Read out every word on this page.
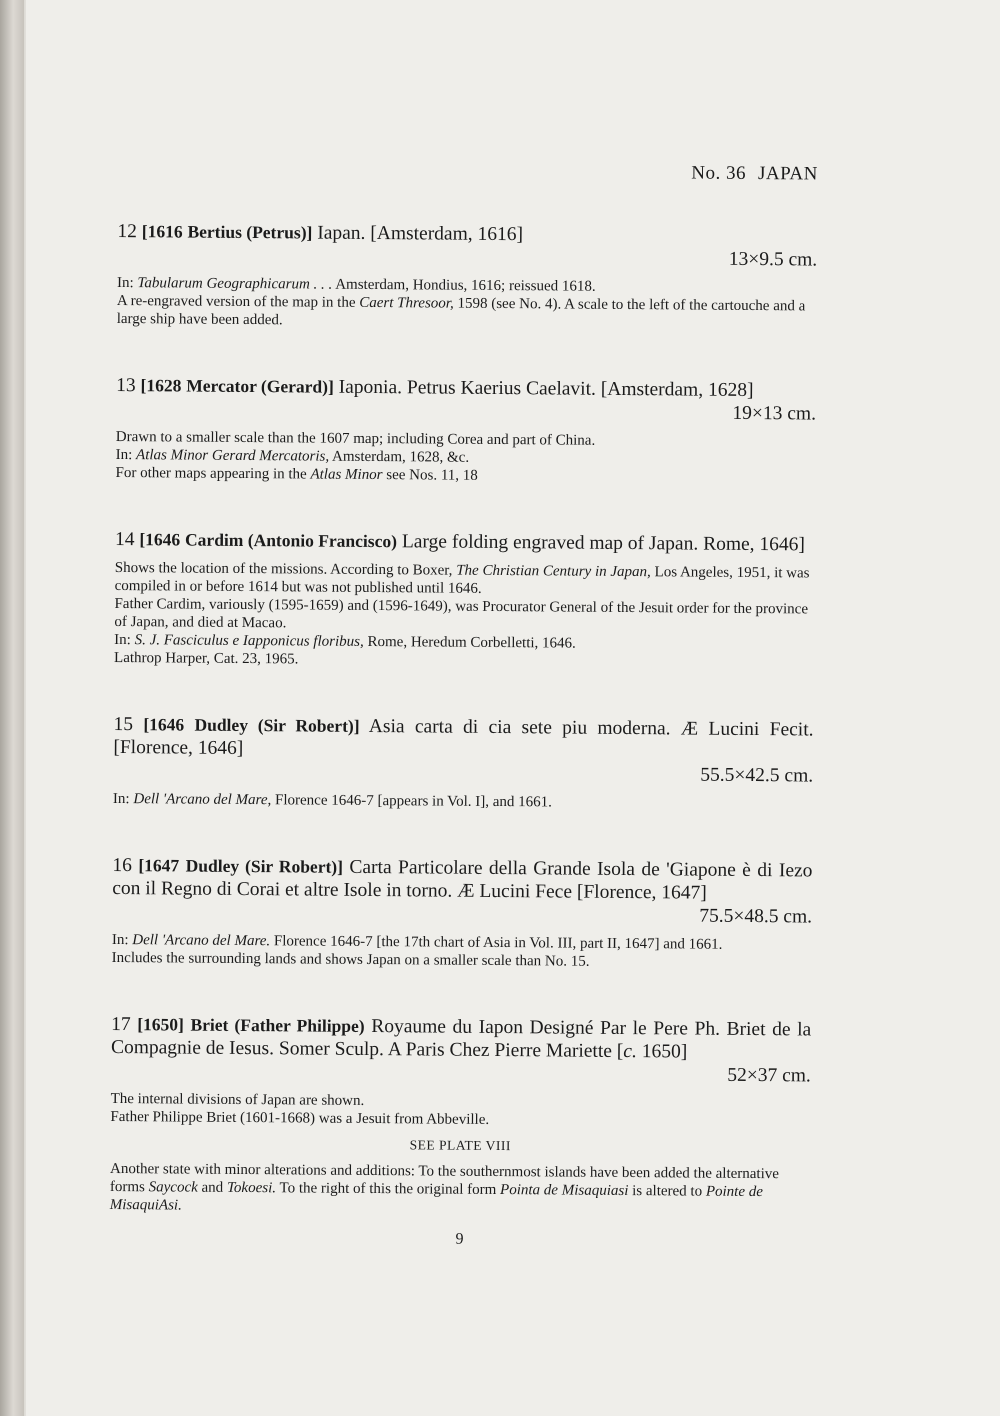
No. 36 JAPAN
12 [1616 Bertius (Petrus)] Iapan. [Amsterdam, 1616]
13×9.5 cm.

In: Tabularum Geographicarum . . . Amsterdam, Hondius, 1616; reissued 1618.

A re-engraved version of the map in the Caert Thresoor, 1598 (see No. 4). A scale to the left of the cartouche and a large ship have been added.

13 [1628 Mercator (Gerard)] Iaponia. Petrus Kaerius Caelavit. [Amsterdam, 1628]
19×13 cm.

Drawn to a smaller scale than the 1607 map; including Corea and part of China.

In: Atlas Minor Gerard Mercatoris, Amsterdam, 1628, &c.

For other maps appearing in the Atlas Minor see Nos. 11, 18

14 [1646 Cardim (Antonio Francisco) Large folding engraved map of Japan. Rome, 1646]

Shows the location of the missions. According to Boxer, The Christian Century in Japan, Los Angeles, 1951, it was compiled in or before 1614 but was not published until 1646.

Father Cardim, variously (1595-1659) and (1596-1649), was Procurator General of the Jesuit order for the province of Japan, and died at Macao.

In: S. J. Fasciculus e Iapponicus floribus, Rome, Heredum Corbelletti, 1646.

Lathrop Harper, Cat. 23, 1965.

15 [1646 Dudley (Sir Robert)] Asia carta di cia sete piu moderna. Æ Lucini Fecit. [Florence, 1646]
55.5×42.5 cm.

In: Dell 'Arcano del Mare, Florence 1646-7 [appears in Vol. I], and 1661.

16 [1647 Dudley (Sir Robert)] Carta Particolare della Grande Isola de 'Giapone è di Iezo con il Regno di Corai et altre Isole in torno. Æ Lucini Fece [Florence, 1647]
75.5×48.5 cm.

In: Dell 'Arcano del Mare. Florence 1646-7 [the 17th chart of Asia in Vol. III, part II, 1647] and 1661.

Includes the surrounding lands and shows Japan on a smaller scale than No. 15.

17 [1650] Briet (Father Philippe) Royaume du Iapon Designé Par le Pere Ph. Briet de la Compagnie de Iesus. Somer Sculp. A Paris Chez Pierre Mariette [c. 1650]
52×37 cm.

The internal divisions of Japan are shown.

Father Philippe Briet (1601-1668) was a Jesuit from Abbeville.

SEE PLATE VIII

Another state with minor alterations and additions: To the southernmost islands have been added the alternative forms Saycock and Tokoesi. To the right of this the original form Pointa de Misaquiasi is altered to Pointe de MisaquiAsi.

9
